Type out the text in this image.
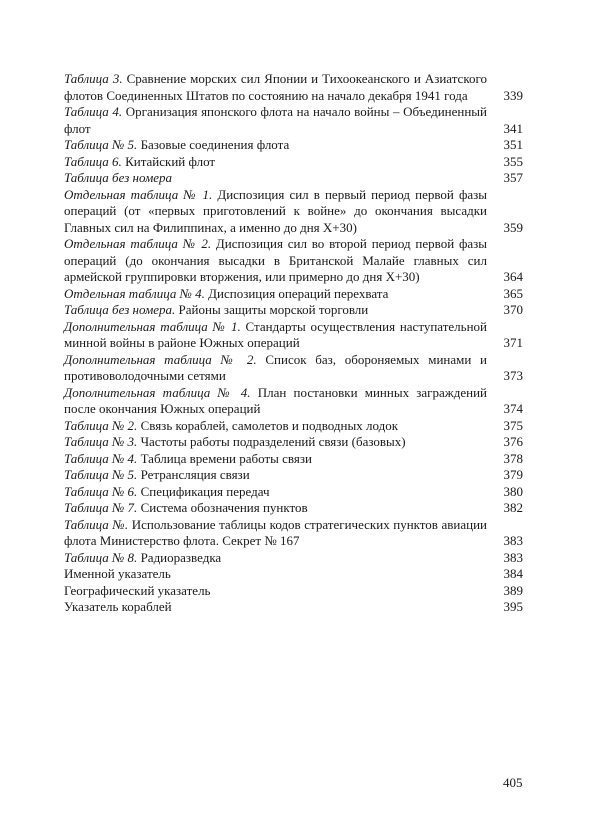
Таблица 3. Сравнение морских сил Японии и Тихоокеанского и Азиатского флотов Соединенных Штатов по состоянию на начало декабря 1941 года	339
Таблица 4. Организация японского флота на начало войны – Объединенный флот	341
Таблица № 5. Базовые соединения флота	351
Таблица 6. Китайский флот	355
Таблица без номера	357
Отдельная таблица № 1. Диспозиция сил в первый период первой фазы операций (от «первых приготовлений к войне» до окончания высадки Главных сил на Филиппинах, а именно до дня Х+30)	359
Отдельная таблица № 2. Диспозиция сил во второй период первой фазы операций (до окончания высадки в Британской Малайе главных сил армейской группировки вторжения, или примерно до дня Х+30)	364
Отдельная таблица № 4. Диспозиция операций перехвата	365
Таблица без номера. Районы защиты морской торговли	370
Дополнительная таблица № 1. Стандарты осуществления наступательной минной войны в районе Южных операций	371
Дополнительная таблица № 2. Список баз, обороняемых минами и противоволодочными сетями	373
Дополнительная таблица № 4. План постановки минных заграждений после окончания Южных операций	374
Таблица № 2. Связь кораблей, самолетов и подводных лодок	375
Таблица № 3. Частоты работы подразделений связи (базовых)	376
Таблица № 4. Таблица времени работы связи	378
Таблица № 5. Ретрансляция связи	379
Таблица № 6. Спецификация передач	380
Таблица № 7. Система обозначения пунктов	382
Таблица №. Использование таблицы кодов стратегических пунктов авиации флота Министерство флота. Секрет № 167	383
Таблица № 8. Радиоразведка	383
Именной указатель	384
Географический указатель	389
Указатель кораблей	395
405
